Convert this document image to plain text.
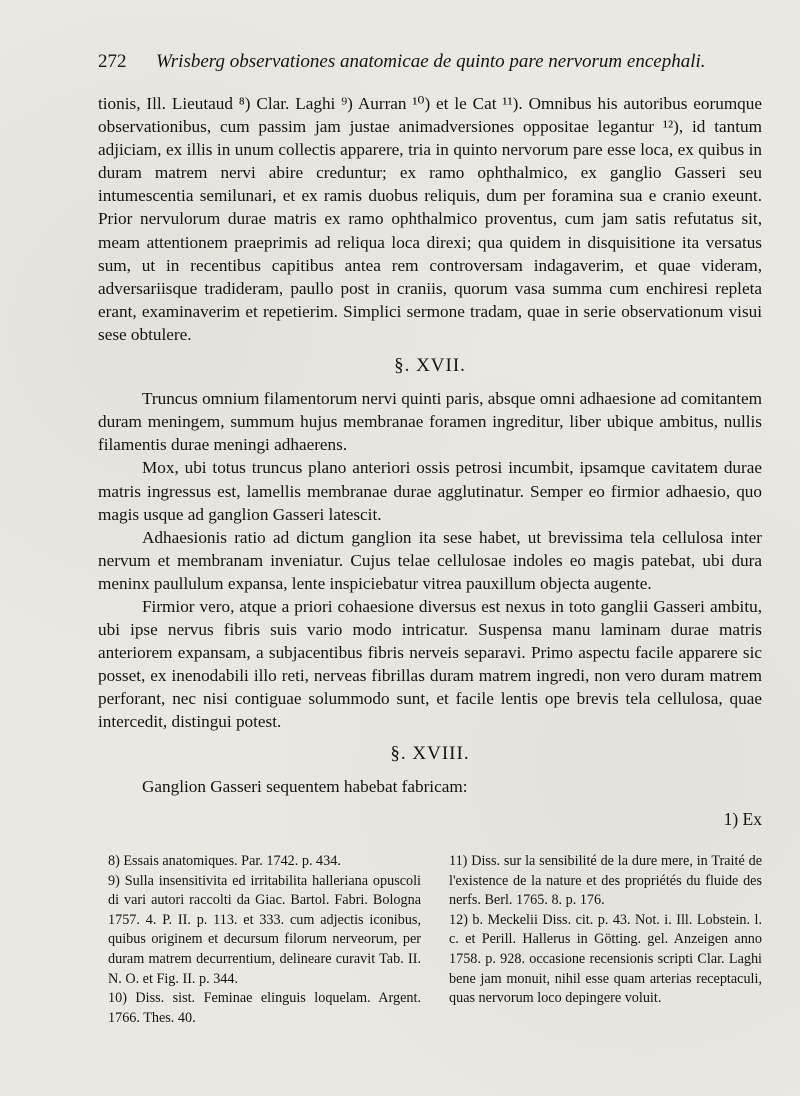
272 Wrisberg observationes anatomicae de quinto pare nervorum encephali.

tionis, Ill. Lieutaud ⁸) Clar. Laghi ⁹) Aurran ¹⁰) et le Cat ¹¹). Omnibus his autoribus eorumque observationibus, cum passim jam justae animadversiones oppositae legantur ¹²), id tantum adjiciam, ex illis in unum collectis apparere, tria in quinto nervorum pare esse loca, ex quibus in duram matrem nervi abire creduntur; ex ramo ophthalmico, ex ganglio Gasseri seu intumescentia semilunari, et ex ramis duobus reliquis, dum per foramina sua e cranio exeunt. Prior nervulorum durae matris ex ramo ophthalmico proventus, cum jam satis refutatus sit, meam attentionem praeprimis ad reliqua loca direxi; qua quidem in disquisitione ita versatus sum, ut in recentibus capitibus antea rem controversam indagaverim, et quae videram, adversariisque tradideram, paullo post in craniis, quorum vasa summa cum enchiresi repleta erant, examinaverim et repetierim. Simplici sermone tradam, quae in serie observationum visui sese obtulere.

§. XVII.

Truncus omnium filamentorum nervi quinti paris, absque omni adhaesione ad comitantem duram meningem, summum hujus membranae foramen ingreditur, liber ubique ambitus, nullis filamentis durae meningi adhaerens.

Mox, ubi totus truncus plano anteriori ossis petrosi incumbit, ipsamque cavitatem durae matris ingressus est, lamellis membranae durae agglutinatur. Semper eo firmior adhaesio, quo magis usque ad ganglion Gasseri latescit.

Adhaesionis ratio ad dictum ganglion ita sese habet, ut brevissima tela cellulosa inter nervum et membranam inveniatur. Cujus telae cellulosae indoles eo magis patebat, ubi dura meninx paullulum expansa, lente inspiciebatur vitrea pauxillum objecta augente.

Firmior vero, atque a priori cohaesione diversus est nexus in toto ganglii Gasseri ambitu, ubi ipse nervus fibris suis vario modo intricatur. Suspensa manu laminam durae matris anteriorem expansam, a subjacentibus fibris nerveis separavi. Primo aspectu facile apparere sic posset, ex inenodabili illo reti, nerveas fibrillas duram matrem ingredi, non vero duram matrem perforant, nec nisi contiguae solummodo sunt, et facile lentis ope brevis tela cellulosa, quae intercedit, distingui potest.

§. XVIII.

Ganglion Gasseri sequentem habebat fabricam:

1) Ex

8) Essais anatomiques. Par. 1742. p. 434.

9) Sulla insensitivita ed irritabilita halleriana opuscoli di vari autori raccolti da Giac. Bartol. Fabri. Bologna 1757. 4. P. II. p. 113. et 333. cum adjectis iconibus, quibus originem et decursum filorum nerveorum, per duram matrem decurrentium, delineare curavit Tab. II. N. O. et Fig. II. p. 344.

10) Diss. sist. Feminae elinguis loquelam. Argent. 1766. Thes. 40.

11) Diss. sur la sensibilité de la dure mere, in Traité de l'existence de la nature et des propriétés du fluide des nerfs. Berl. 1765. 8. p. 176.

12) b. Meckelii Diss. cit. p. 43. Not. i. Ill. Lobstein. l. c. et Perill. Hallerus in Götting. gel. Anzeigen anno 1758. p. 928. occasione recensionis scripti Clar. Laghi bene jam monuit, nihil esse quam arterias receptaculi, quas nervorum loco depingere voluit.
